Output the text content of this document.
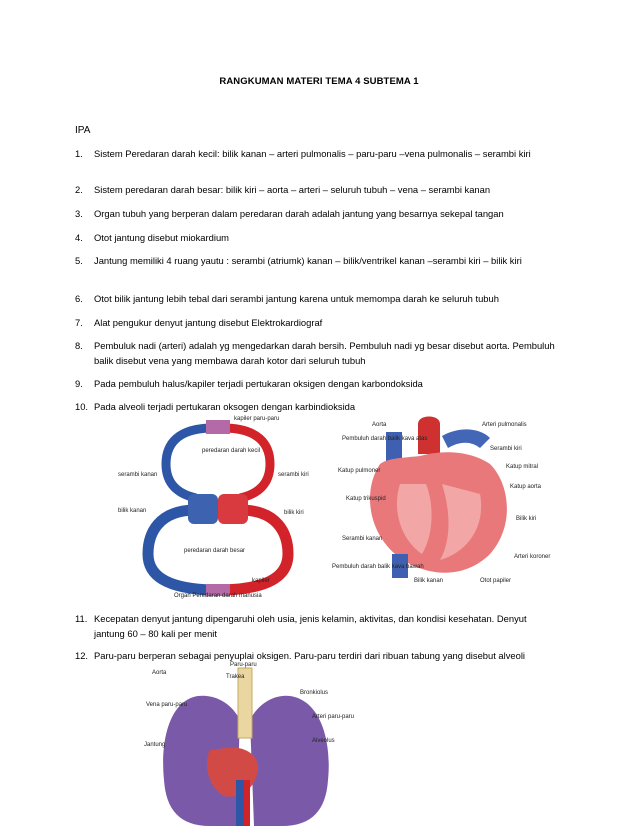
RANGKUMAN MATERI TEMA 4 SUBTEMA 1
IPA
1.	Sistem Peredaran darah kecil: bilik kanan – arteri pulmonalis – paru-paru –vena pulmonalis – serambi kiri
2.	Sistem peredaran darah besar: bilik kiri – aorta – arteri – seluruh tubuh – vena – serambi kanan
3.	Organ tubuh yang berperan dalam peredaran darah adalah jantung yang besarnya sekepal tangan
4.	Otot jantung disebut miokardium
5.	Jantung memiliki 4 ruang yautu : serambi (atriumk) kanan – bilik/ventrikel kanan –serambi kiri – bilik kiri
6.	Otot bilik jantung lebih tebal dari serambi jantung karena untuk memompa darah ke seluruh tubuh
7.	Alat pengukur denyut jantung disebut Elektrokardiograf
8.	Pembuluk nadi (arteri) adalah yg mengedarkan darah bersih. Pembuluh nadi yg besar disebut aorta. Pembuluh balik disebut vena yang membawa darah kotor dari seluruh tubuh
9.	Pada pembuluh halus/kapiler terjadi pertukaran oksigen dengan karbondoksida
10. Pada alveoli terjadi pertukaran oksogen dengan karbindioksida
kapiler paru-paru
peredaran darah kecil
serambi kanan	serambi kiri
bilik kanan	bilik kiri
peredaran darah besar
kapiler
Organ Peredaran darah manusia
Aorta	Arteri pulmonalis
Pembuluh darah balik kava atas
Serambi kiri
Katup pulmoner
Katup mitral
Katup aorta
Katup trikuspid
Bilik kiri
Serambi kanan
Arteri koroner
Pembuluh darah balik kava bawah
Bilik kanan	Otot papiler
11. Kecepatan denyut jantung dipengaruhi oleh usia, jenis kelamin, aktivitas, dan kondisi kesehatan. Denyut jantung 60 – 80 kali per menit
12. Paru-paru berperan sebagai penyuplai oksigen. Paru-paru terdiri dari ribuan tabung yang disebut alveoli
Paru-paru
Aorta
Trakea
Bronkiolus
Vena paru-paru
Arteri paru-paru
Jantung
Alveolus
